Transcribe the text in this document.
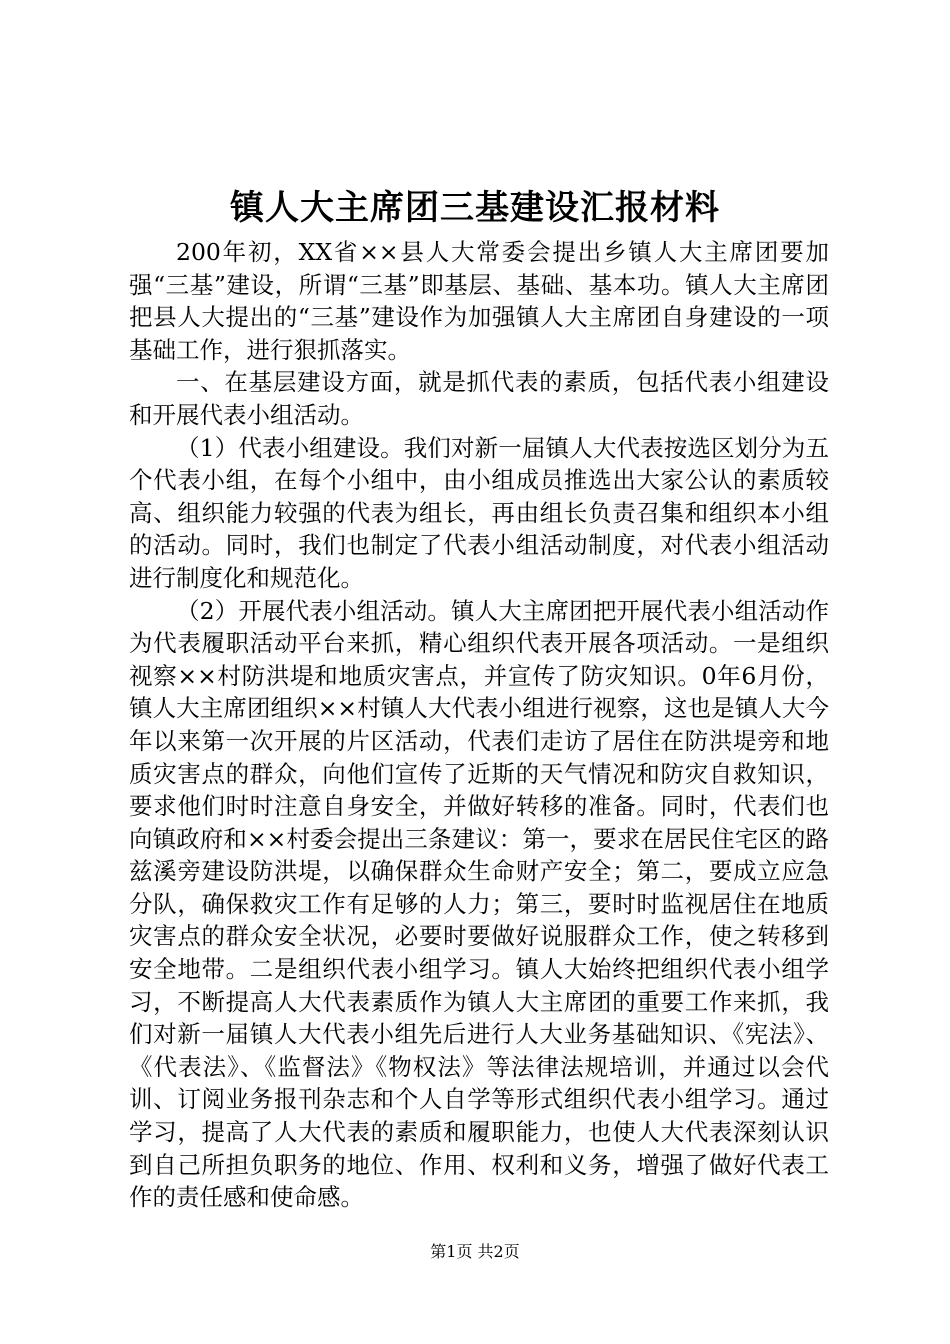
镇人大主席团三基建设汇报材料

200年初，XX省××县人大常委会提出乡镇人大主席团要加强“三基”建设，所谓“三基”即基层、基础、基本功。镇人大主席团把县人大提出的“三基”建设作为加强镇人大主席团自身建设的一项基础工作，进行狠抓落实。

一、在基层建设方面，就是抓代表的素质，包括代表小组建设和开展代表小组活动。

（1）代表小组建设。我们对新一届镇人大代表按选区划分为五个代表小组，在每个小组中，由小组成员推选出大家公认的素质较高、组织能力较强的代表为组长，再由组长负责召集和组织本小组的活动。同时，我们也制定了代表小组活动制度，对代表小组活动进行制度化和规范化。

（2）开展代表小组活动。镇人大主席团把开展代表小组活动作为代表履职活动平台来抓，精心组织代表开展各项活动。一是组织视察××村防洪堤和地质灾害点，并宣传了防灾知识。0年6月份，镇人大主席团组织××村镇人大代表小组进行视察，这也是镇人大今年以来第一次开展的片区活动，代表们走访了居住在防洪堤旁和地质灾害点的群众，向他们宣传了近斯的天气情况和防灾自救知识，要求他们时时注意自身安全，并做好转移的准备。同时，代表们也向镇政府和××村委会提出三条建议：第一，要求在居民住宅区的路兹溪旁建设防洪堤，以确保群众生命财产安全；第二，要成立应急分队，确保救灾工作有足够的人力；第三，要时时监视居住在地质灾害点的群众安全状况，必要时要做好说服群众工作，使之转移到安全地带。二是组织代表小组学习。镇人大始终把组织代表小组学习，不断提高人大代表素质作为镇人大主席团的重要工作来抓，我们对新一届镇人大代表小组先后进行人大业务基础知识、《宪法》、《代表法》、《监督法》《物权法》等法律法规培训，并通过以会代训、订阅业务报刊杂志和个人自学等形式组织代表小组学习。通过学习，提高了人大代表的素质和履职能力，也使人大代表深刻认识到自己所担负职务的地位、作用、权利和义务，增强了做好代表工作的责任感和使命感。

第1页 共2页
